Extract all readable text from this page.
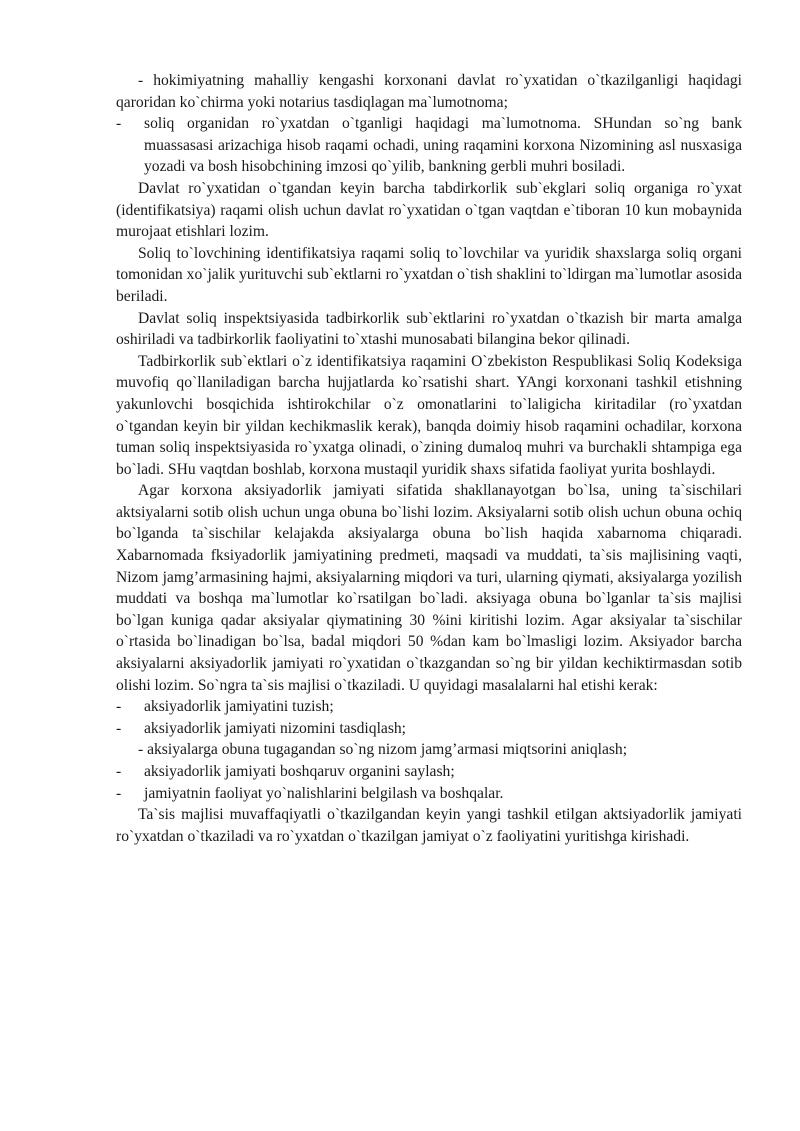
- hokimiyatning mahalliy kengashi korxonani davlat ro`yxatidan o`tkazilganligi haqidagi qaroridan ko`chirma yoki notarius tasdiqlagan ma`lumotnoma;

- soliq organidan ro`yxatdan o`tganligi haqidagi ma`lumotnoma. SHundan so`ng bank muassasasi arizachiga hisob raqami ochadi, uning raqamini korxona Nizomining asl nusxasiga yozadi va bosh hisobchining imzosi qo`yilib, bankning gerbli muhri bosiladi.

Davlat ro`yxatidan o`tgandan keyin barcha tabdirkorlik sub`ekglari soliq organiga ro`yxat (identifikatsiya) raqami olish uchun davlat ro`yxatidan o`tgan vaqtdan e`tiboran 10 kun mobaynida murojaat etishlari lozim.

Soliq to`lovchining identifikatsiya raqami soliq to`lovchilar va yuridik shaxslarga soliq organi tomonidan xo`jalik yurituvchi sub`ektlarni ro`yxatdan o`tish shaklini to`ldirgan ma`lumotlar asosida beriladi.

Davlat soliq inspektsiyasida tadbirkorlik sub`ektlarini ro`yxatdan o`tkazish bir marta amalga oshiriladi va tadbirkorlik faoliyatini to`xtashi munosabati bilangina bekor qilinadi.

Tadbirkorlik sub`ektlari o`z identifikatsiya raqamini O`zbekiston Respublikasi Soliq Kodeksiga muvofiq qo`llaniladigan barcha hujjatlarda ko`rsatishi shart. YAngi korxonani tashkil etishning yakunlovchi bosqichida ishtirokchilar o`z omonatlarini to`laligicha kiritadilar (ro`yxatdan o`tgandan keyin bir yildan kechikmaslik kerak), banqda doimiy hisob raqamini ochadilar, korxona tuman soliq inspektsiyasida ro`yxatga olinadi, o`zining dumaloq muhri va burchakli shtampiga ega bo`ladi. SHu vaqtdan boshlab, korxona mustaqil yuridik shaxs sifatida faoliyat yurita boshlaydi.

Agar korxona aksiyadorlik jamiyati sifatida shakllanayotgan bo`lsa, uning ta`sischilari aktsiyalarni sotib olish uchun unga obuna bo`lishi lozim. Aksiyalarni sotib olish uchun obuna ochiq bo`lganda ta`sischilar kelajakda aksiyalarga obuna bo`lish haqida xabarnoma chiqaradi. Xabarnomada fksiyadorlik jamiyatining predmeti, maqsadi va muddati, ta`sis majlisining vaqti, Nizom jamg’armasining hajmi, aksiyalarning miqdori va turi, ularning qiymati, aksiyalarga yozilish muddati va boshqa ma`lumotlar ko`rsatilgan bo`ladi. aksiyaga obuna bo`lganlar ta`sis majlisi bo`lgan kuniga qadar aksiyalar qiymatining 30 %ini kiritishi lozim. Agar aksiyalar ta`sischilar o`rtasida bo`linadigan bo`lsa, badal miqdori 50 %dan kam bo`lmasligi lozim. Aksiyador barcha aksiyalarni aksiyadorlik jamiyati ro`yxatidan o`tkazgandan so`ng bir yildan kechiktirmasdan sotib olishi lozim. So`ngra ta`sis majlisi o`tkaziladi. U quyidagi masalalarni hal etishi kerak:

- aksiyadorlik jamiyatini tuzish;

- aksiyadorlik jamiyati nizomini tasdiqlash;

- aksiyalarga obuna tugagandan so`ng nizom jamg’armasi miqtsorini aniqlash;

- aksiyadorlik jamiyati boshqaruv organini saylash;

- jamiyatnin faoliyat yo`nalishlarini belgilash va boshqalar.

Ta`sis majlisi muvaffaqiyatli o`tkazilgandan keyin yangi tashkil etilgan aktsiyadorlik jamiyati ro`yxatdan o`tkaziladi va ro`yxatdan o`tkazilgan jamiyat o`z faoliyatini yuritishga kirishadi.
